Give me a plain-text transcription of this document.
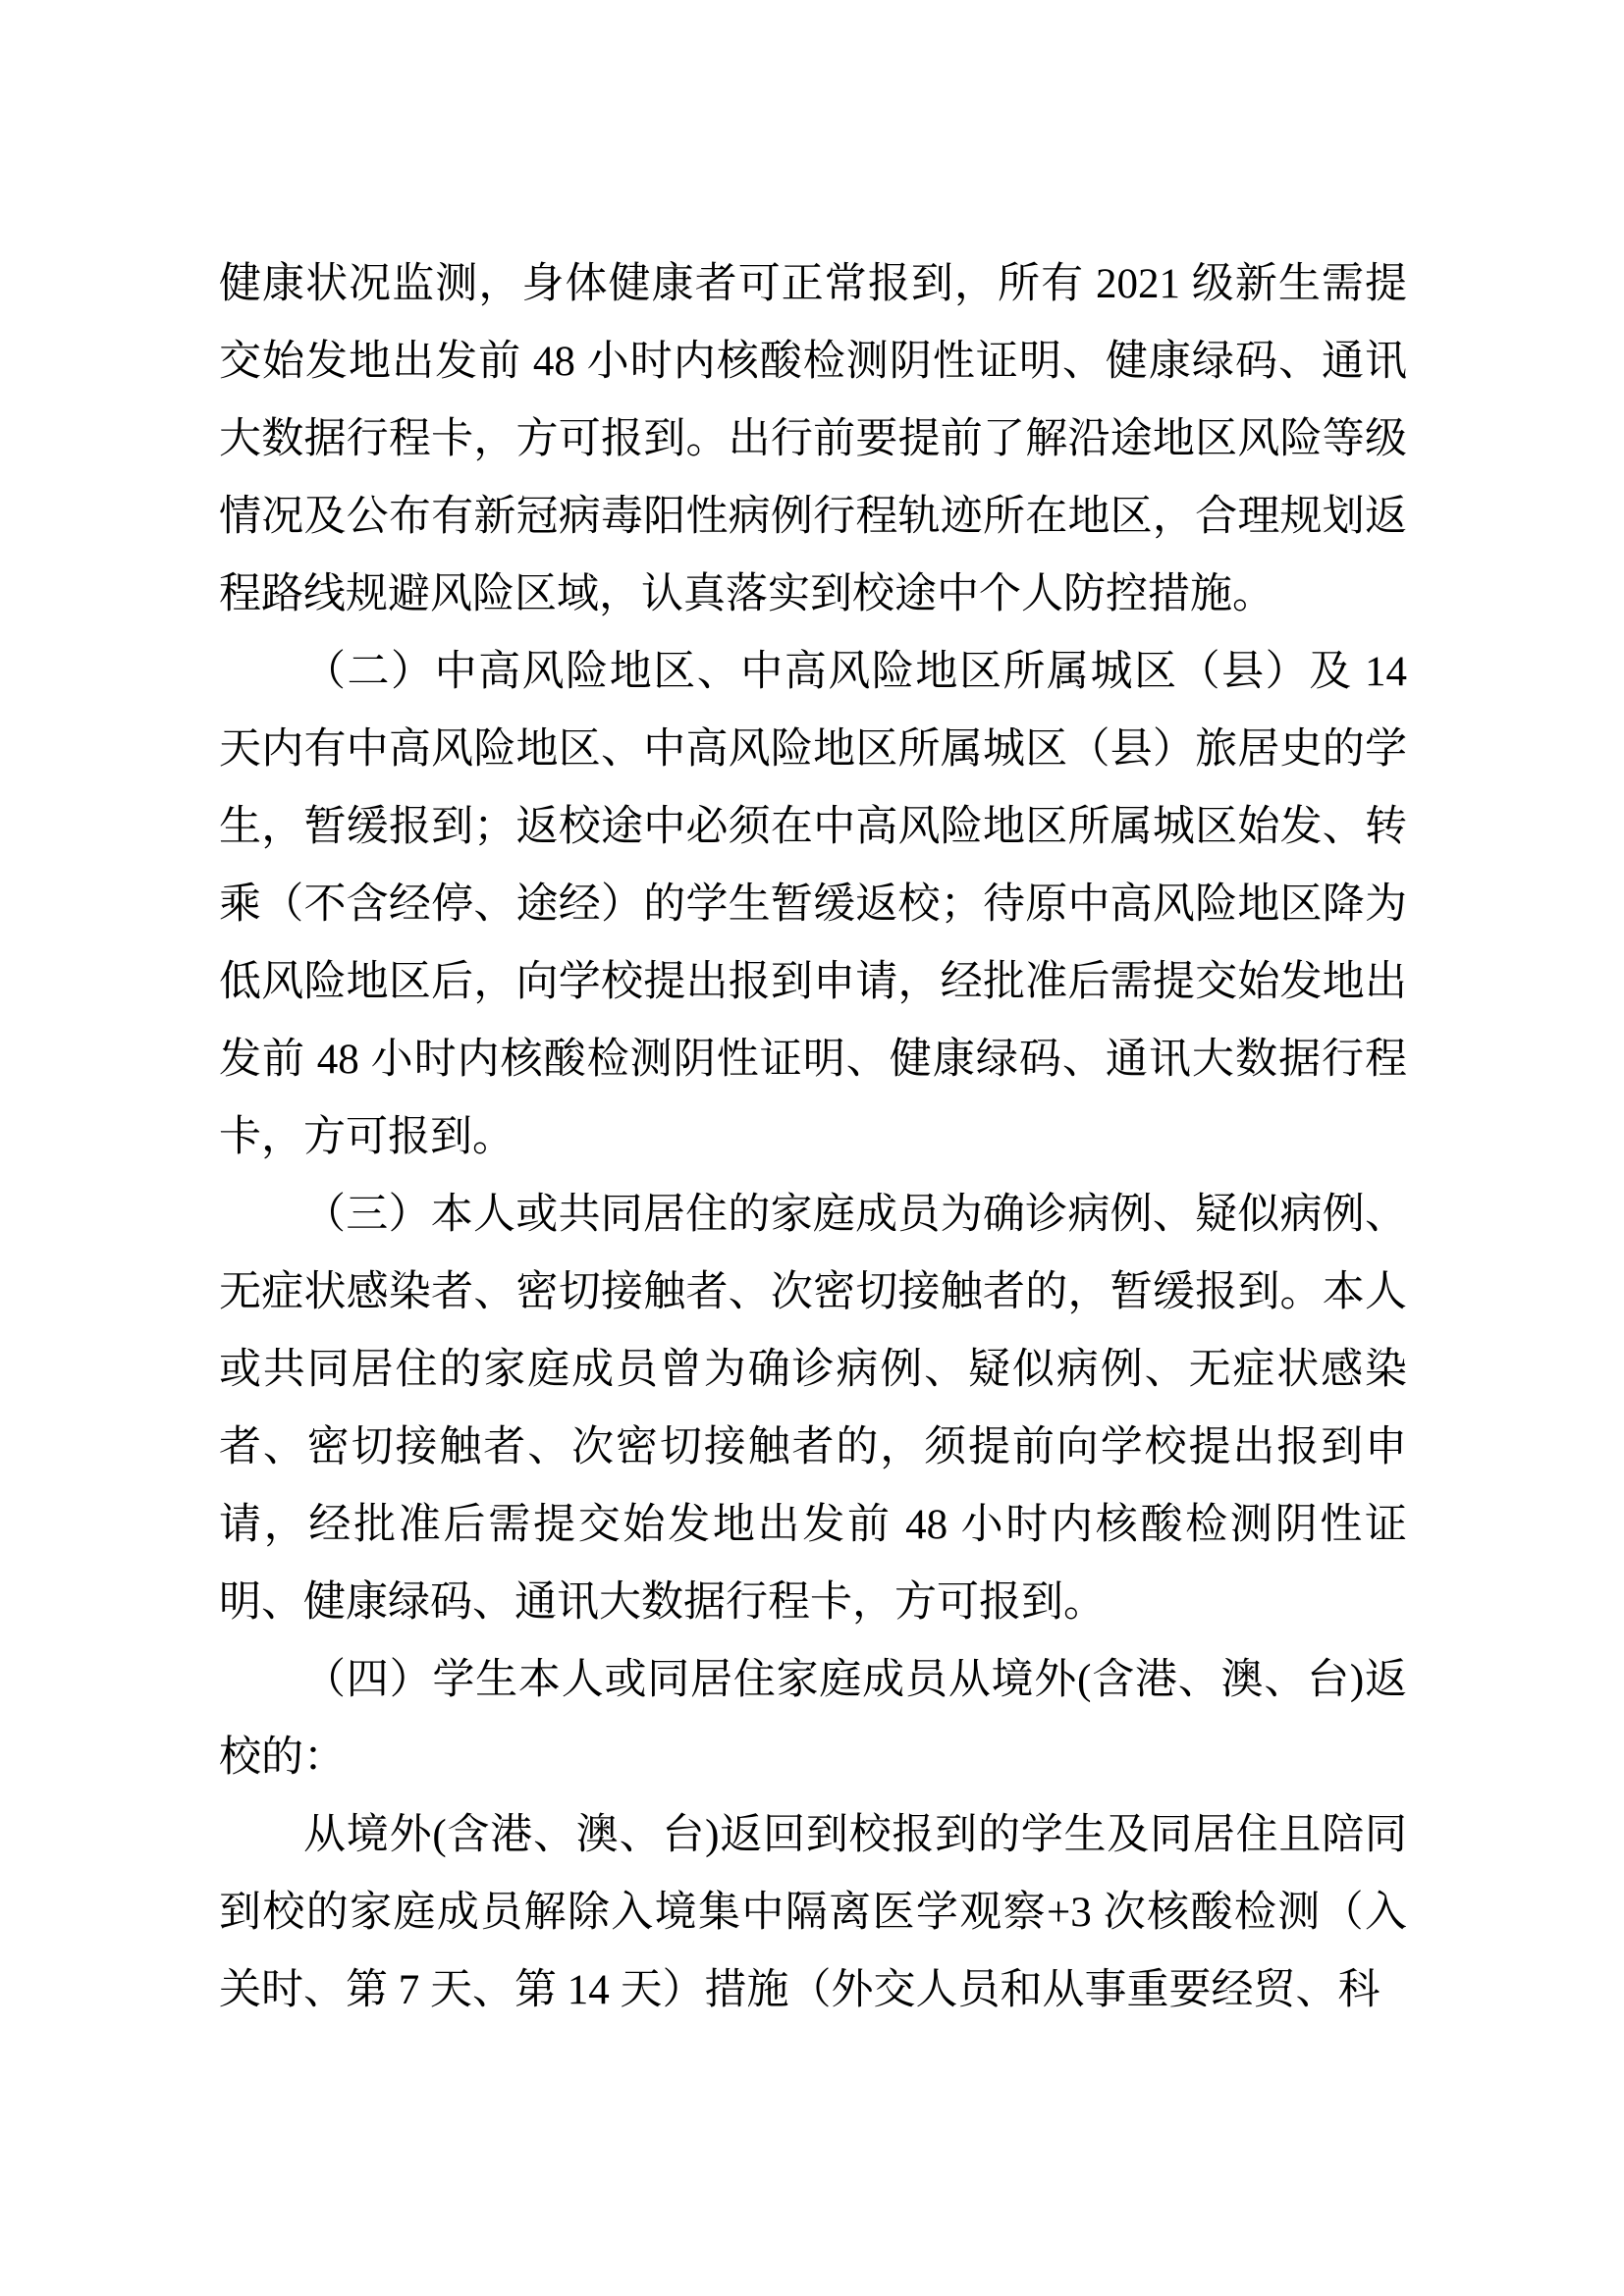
健康状况监测，身体健康者可正常报到，所有 2021 级新生需提交始发地出发前 48 小时内核酸检测阴性证明、健康绿码、通讯大数据行程卡，方可报到。出行前要提前了解沿途地区风险等级情况及公布有新冠病毒阳性病例行程轨迹所在地区，合理规划返程路线规避风险区域，认真落实到校途中个人防控措施。

（二）中高风险地区、中高风险地区所属城区（县）及 14 天内有中高风险地区、中高风险地区所属城区（县）旅居史的学生，暂缓报到；返校途中必须在中高风险地区所属城区始发、转乘（不含经停、途经）的学生暂缓返校；待原中高风险地区降为低风险地区后，向学校提出报到申请，经批准后需提交始发地出发前 48 小时内核酸检测阴性证明、健康绿码、通讯大数据行程卡，方可报到。

（三）本人或共同居住的家庭成员为确诊病例、疑似病例、无症状感染者、密切接触者、次密切接触者的，暂缓报到。本人或共同居住的家庭成员曾为确诊病例、疑似病例、无症状感染者、密切接触者、次密切接触者的，须提前向学校提出报到申请，经批准后需提交始发地出发前 48 小时内核酸检测阴性证明、健康绿码、通讯大数据行程卡，方可报到。

（四）学生本人或同居住家庭成员从境外(含港、澳、台)返校的：

从境外(含港、澳、台)返回到校报到的学生及同居住且陪同到校的家庭成员解除入境集中隔离医学观察+3 次核酸检测（入关时、第 7 天、第 14 天）措施（外交人员和从事重要经贸、科
